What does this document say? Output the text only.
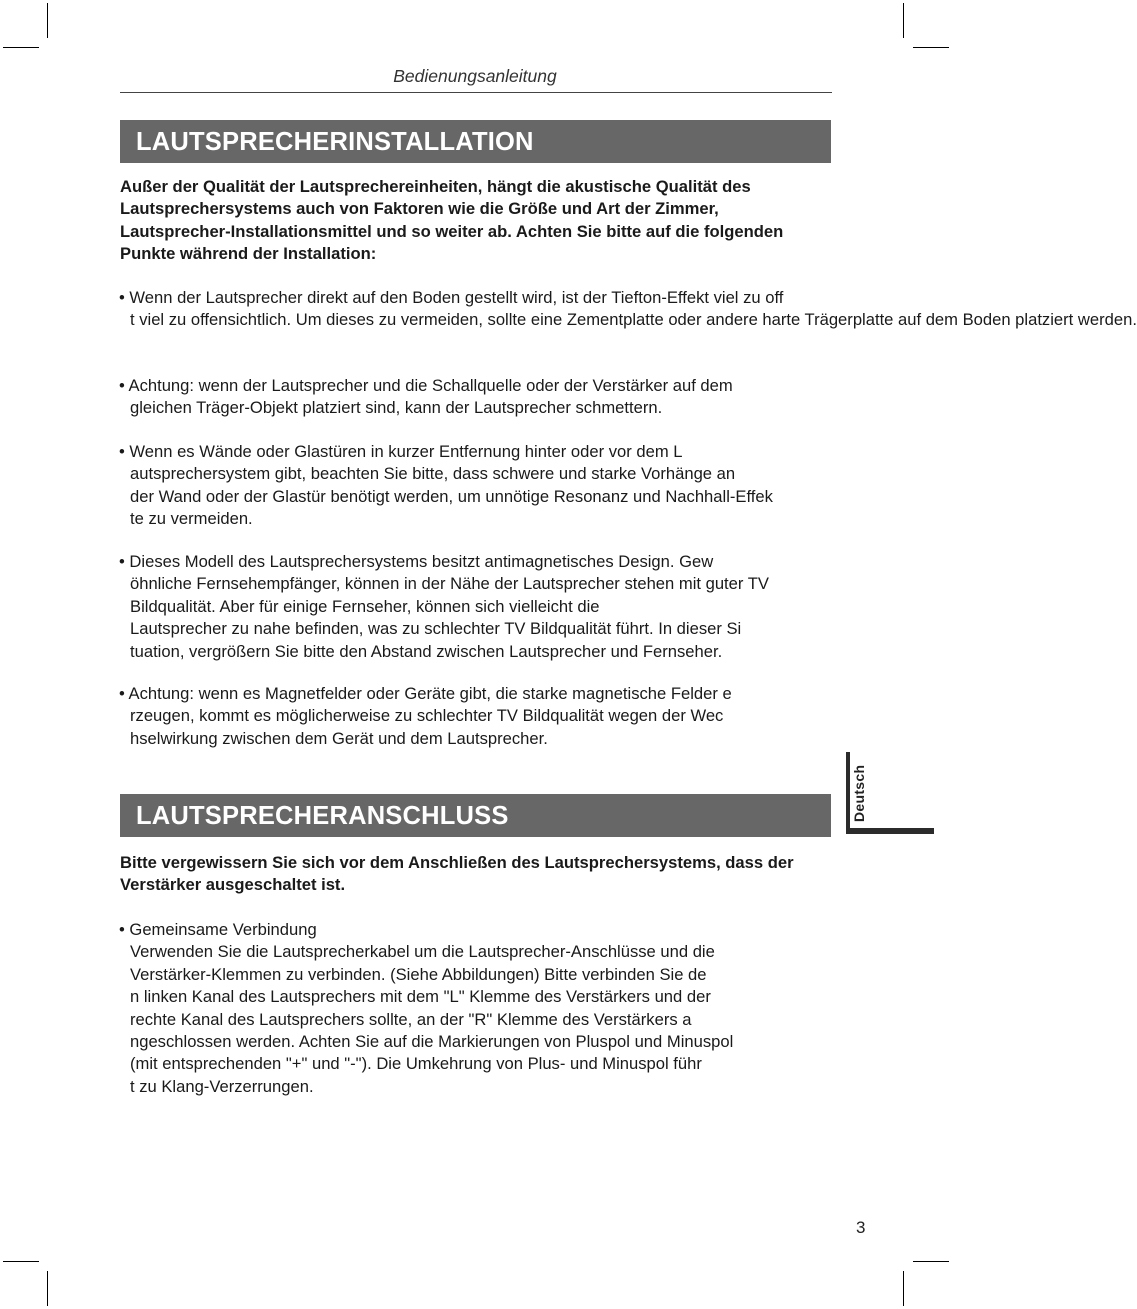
Bedienungsanleitung
LAUTSPRECHERINSTALLATION

Außer der Qualität der Lautsprechereinheiten, hängt die akustische Qualität des Lautsprechersystems auch von Faktoren wie die Größe und Art der Zimmer, Lautsprecher-Installationsmittel und so weiter ab. Achten Sie bitte auf die folgenden Punkte während der Installation:

• Wenn der Lautsprecher direkt auf den Boden gestellt wird, ist der Tiefton-Effekt viel zu off
t viel zu offensichtlich. Um dieses zu vermeiden, sollte eine Zementplatte oder andere harte Trägerplatte auf dem Boden platziert werden.

• Achtung: wenn der Lautsprecher und die Schallquelle oder der Verstärker auf dem
gleichen Träger-Objekt platziert sind, kann der Lautsprecher schmettern.

• Wenn es Wände oder Glastüren in kurzer Entfernung hinter oder vor dem L
autsprechersystem gibt, beachten Sie bitte, dass schwere und starke Vorhänge an
der Wand oder der Glastür benötigt werden, um unnötige Resonanz und Nachhall-Effek
te zu vermeiden.

• Dieses Modell des Lautsprechersystems besitzt antimagnetisches Design. Gew
öhnliche Fernsehempfänger, können in der Nähe der Lautsprecher stehen mit guter TV
Bildqualität. Aber für einige Fernseher, können sich vielleicht die
Lautsprecher zu nahe befinden, was zu schlechter TV Bildqualität führt. In dieser Si
tuation, vergrößern Sie bitte den Abstand zwischen Lautsprecher und Fernseher.

• Achtung: wenn es Magnetfelder oder Geräte gibt, die starke magnetische Felder e
rzeugen, kommt es möglicherweise zu schlechter TV Bildqualität wegen der Wec
hselwirkung zwischen dem Gerät und dem Lautsprecher.

LAUTSPRECHERANSCHLUSS

Bitte vergewissern Sie sich vor dem Anschließen des Lautsprechersystems, dass der Verstärker ausgeschaltet ist.

• Gemeinsame Verbindung
Verwenden Sie die Lautsprecherkabel um die Lautsprecher-Anschlüsse und die
Verstärker-Klemmen zu verbinden. (Siehe Abbildungen) Bitte verbinden Sie de
n linken Kanal des Lautsprechers mit dem "L" Klemme des Verstärkers und der
rechte Kanal des Lautsprechers sollte, an der "R" Klemme des Verstärkers a
ngeschlossen werden. Achten Sie auf die Markierungen von Pluspol und Minuspol
(mit entsprechenden "+" und "-"). Die Umkehrung von Plus- und Minuspol führ
t zu Klang-Verzerrungen.

Deutsch
3
